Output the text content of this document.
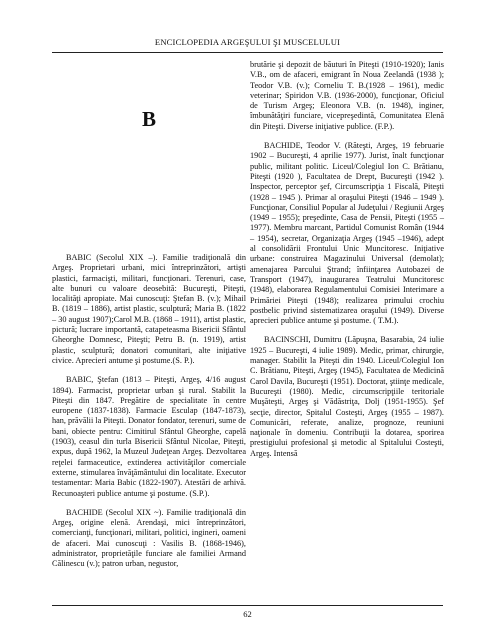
ENCICLOPEDIA ARGEŞULUI ŞI MUSCELULUI
B

BABIC (Secolul XIX –). Familie tradiţională din Argeş. Proprietari urbani, mici întreprinzători, artişti plastici, farmacişti, militari, funcţionari. Terenuri, case, alte bunuri cu valoare deosebită: Bucureşti, Piteşti, localităţi apropiate. Mai cunoscuţi: Ştefan B. (v.); Mihail B. (1819 – 1886), artist plastic, sculptură; Maria B. (1822 – 30 august 1907);Carol M.B. (1868 – 1911), artist plastic, pictură; lucrare importantă, catapeteasma Bisericii Sfântul Gheorghe Domnesc, Piteşti; Petru B. (n. 1919), artist plastic, sculptură; donatori comunitari, alte iniţiative civice. Aprecieri antume şi postume.(S. P.).

BABIC, Ştefan (1813 – Piteşti, Argeş, 4/16 august 1894). Farmacist, proprietar urban şi rural. Stabilit la Piteşti din 1847. Pregătire de specialitate în centre europene (1837-1838). Farmacie Esculap (1847-1873), han, prăvălii la Piteşti. Donator fondator, terenuri, sume de bani, obiecte pentru: Cimitirul Sfântul Gheorghe, capelă (1903), ceasul din turla Bisericii Sfântul Nicolae, Piteşti, expus, după 1962, la Muzeul Judeţean Argeş. Dezvoltarea reţelei farmaceutice, extinderea activităţilor comerciale externe, stimularea învăţământului din localitate. Executor testamentar: Maria Babic (1822-1907). Atestări de arhivă. Recunoaşteri publice antume şi postume. (S.P.).

BACHIDE (Secolul XIX ~). Familie tradiţională din Argeş, origine elenă. Arendaşi, mici întreprinzători, comercianţi, funcţionari, militari, politici, ingineri, oameni de afaceri. Mai cunoscuţi : Vasilis B. (1868-1946), administrator, proprietăţile funciare ale familiei Armand Călinescu (v.); patron urban, negustor,

brutărie şi depozit de băuturi în Piteşti (1910-1920); Ianis V.B., om de afaceri, emigrant în Noua Zeelandă (1938 ); Teodor V.B. (v.); Corneliu T. B.(1928 – 1961), medic veterinar; Spiridon V.B. (1936-2000), funcţionar, Oficiul de Turism Argeş; Eleonora V.B. (n. 1948), inginer, îmbunătăţiri funciare, vicepreşedintă, Comunitatea Elenă din Piteşti. Diverse iniţiative publice. (F.P.).

BACHIDE, Teodor V. (Răteşti, Argeş, 19 februarie 1902 – Bucureşti, 4 aprilie 1977). Jurist, înalt funcţionar public, militant politic. Liceul/Colegiul Ion C. Brătianu, Piteşti (1920 ), Facultatea de Drept, Bucureşti (1942 ). Inspector, perceptor şef, Circumscripţia 1 Fiscală, Piteşti (1928 – 1945 ). Primar al oraşului Piteşti (1946 – 1949 ). Funcţionar, Consiliul Popular al Judeţului / Regiunii Argeş (1949 – 1955); preşedinte, Casa de Pensii, Piteşti (1955 –1977). Membru marcant, Partidul Comunist Român (1944 – 1954), secretar, Organizaţia Argeş (1945 –1946), adept al consolidării Frontului Unic Muncitoresc. Iniţiative urbane: construirea Magazinului Universal (demolat); amenajarea Parcului Ştrand; înfiinţarea Autobazei de Transport (1947), inaugurarea Teatrului Muncitoresc (1948), elaborarea Regulamentului Comisiei Interimare a Primăriei Piteşti (1948); realizarea primului crochiu postbelic privind sistematizarea oraşului (1949). Diverse aprecieri publice antume şi postume. ( T.M.).

BACINSCHI, Dumitru (Lăpuşna, Basarabia, 24 iulie 1925 – Bucureşti, 4 iulie 1989). Medic, primar, chirurgie, manager. Stabilit la Piteşti din 1940. Liceul/Colegiul Ion C. Brătianu, Piteşti, Argeş (1945), Facultatea de Medicină Carol Davila, Bucureşti (1951). Doctorat, ştiinţe medicale, Bucureşti (1980). Medic, circumscripţiile teritoriale Muşăteşti, Argeş şi Vădăstriţa, Dolj (1951-1955). Şef secţie, director, Spitalul Costeşti, Argeş (1955 – 1987). Comunicări, referate, analize, prognoze, reuniuni naţionale în domeniu. Contribuţii la dotarea, sporirea prestigiului profesional şi metodic al Spitalului Costeşti, Argeş. Intensă

62
